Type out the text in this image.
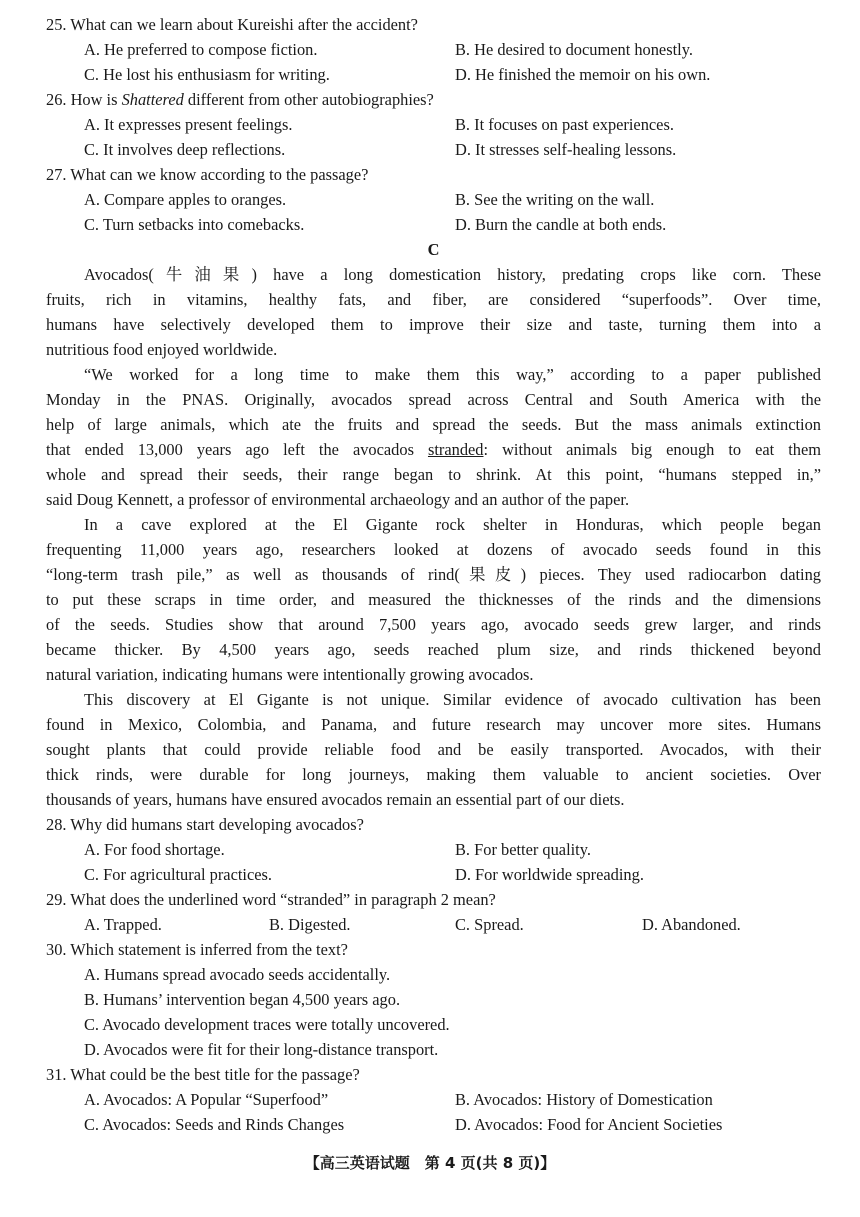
25. What can we learn about Kureishi after the accident?
A. He preferred to compose fiction.	B. He desired to document honestly.
C. He lost his enthusiasm for writing.	D. He finished the memoir on his own.
26. How is Shattered different from other autobiographies?
A. It expresses present feelings.	B. It focuses on past experiences.
C. It involves deep reflections.	D. It stresses self-healing lessons.
27. What can we know according to the passage?
A. Compare apples to oranges.	B. See the writing on the wall.
C. Turn setbacks into comebacks.	D. Burn the candle at both ends.
C
Avocados(牛油果) have a long domestication history, predating crops like corn. These
fruits, rich in vitamins, healthy fats, and fiber, are considered “superfoods”. Over time,
humans have selectively developed them to improve their size and taste, turning them into a
nutritious food enjoyed worldwide.
“We worked for a long time to make them this way,” according to a paper published
Monday in the PNAS. Originally, avocados spread across Central and South America with the
help of large animals, which ate the fruits and spread the seeds. But the mass animals extinction
that ended 13,000 years ago left the avocados stranded: without animals big enough to eat them
whole and spread their seeds, their range began to shrink. At this point, “humans stepped in,”
said Doug Kennett, a professor of environmental archaeology and an author of the paper.
In a cave explored at the El Gigante rock shelter in Honduras, which people began
frequenting 11,000 years ago, researchers looked at dozens of avocado seeds found in this
“long-term trash pile,” as well as thousands of rind(果皮) pieces. They used radiocarbon dating
to put these scraps in time order, and measured the thicknesses of the rinds and the dimensions
of the seeds. Studies show that around 7,500 years ago, avocado seeds grew larger, and rinds
became thicker. By 4,500 years ago, seeds reached plum size, and rinds thickened beyond
natural variation, indicating humans were intentionally growing avocados.
This discovery at El Gigante is not unique. Similar evidence of avocado cultivation has been
found in Mexico, Colombia, and Panama, and future research may uncover more sites. Humans
sought plants that could provide reliable food and be easily transported. Avocados, with their
thick rinds, were durable for long journeys, making them valuable to ancient societies. Over
thousands of years, humans have ensured avocados remain an essential part of our diets.
28. Why did humans start developing avocados?
A. For food shortage.	B. For better quality.
C. For agricultural practices.	D. For worldwide spreading.
29. What does the underlined word “stranded” in paragraph 2 mean?
A. Trapped.	B. Digested.	C. Spread.	D. Abandoned.
30. Which statement is inferred from the text?
A. Humans spread avocado seeds accidentally.
B. Humans’ intervention began 4,500 years ago.
C. Avocado development traces were totally uncovered.
D. Avocados were fit for their long-distance transport.
31. What could be the best title for the passage?
A. Avocados: A Popular “Superfood”	B. Avocados: History of Domestication
C. Avocados: Seeds and Rinds Changes	D. Avocados: Food for Ancient Societies
【高三英语试题　第 4 页(共 8 页)】
